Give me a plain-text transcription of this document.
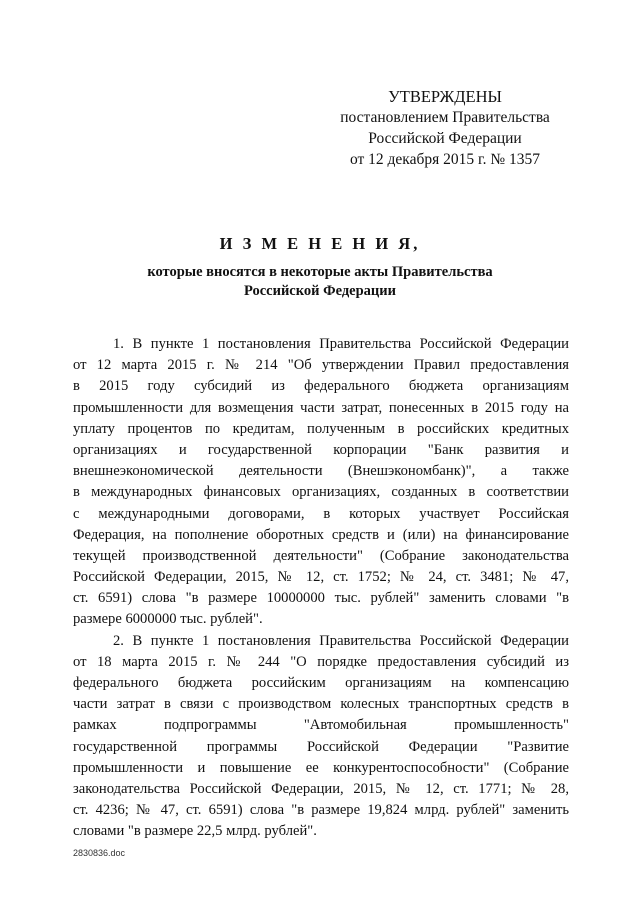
УТВЕРЖДЕНЫ
постановлением Правительства
Российской Федерации
от 12 декабря 2015 г. № 1357
И З М Е Н Е Н И Я,
которые вносятся в некоторые акты Правительства
Российской Федерации
1. В пункте 1 постановления Правительства Российской Федерации
от 12 марта 2015 г. № 214 "Об утверждении Правил предоставления
в 2015 году субсидий из федерального бюджета организациям
промышленности для возмещения части затрат, понесенных в 2015 году на
уплату процентов по кредитам, полученным в российских кредитных
организациях и государственной корпорации "Банк развития и
внешнеэкономической деятельности (Внешэкономбанк)", а также
в международных финансовых организациях, созданных в соответствии
с международными договорами, в которых участвует Российская
Федерация, на пополнение оборотных средств и (или) на финансирование
текущей производственной деятельности" (Собрание законодательства
Российской Федерации, 2015, № 12, ст. 1752; № 24, ст. 3481; № 47,
ст. 6591) слова "в размере 10000000 тыс. рублей" заменить словами "в
размере 6000000 тыс. рублей".
2. В пункте 1 постановления Правительства Российской Федерации
от 18 марта 2015 г. № 244 "О порядке предоставления субсидий из
федерального бюджета российским организациям на компенсацию
части затрат в связи с производством колесных транспортных средств в
рамках подпрограммы "Автомобильная промышленность"
государственной программы Российской Федерации "Развитие
промышленности и повышение ее конкурентоспособности" (Собрание
законодательства Российской Федерации, 2015, № 12, ст. 1771; № 28,
ст. 4236; № 47, ст. 6591) слова "в размере 19,824 млрд. рублей" заменить
словами "в размере 22,5 млрд. рублей".
2830836.doc
